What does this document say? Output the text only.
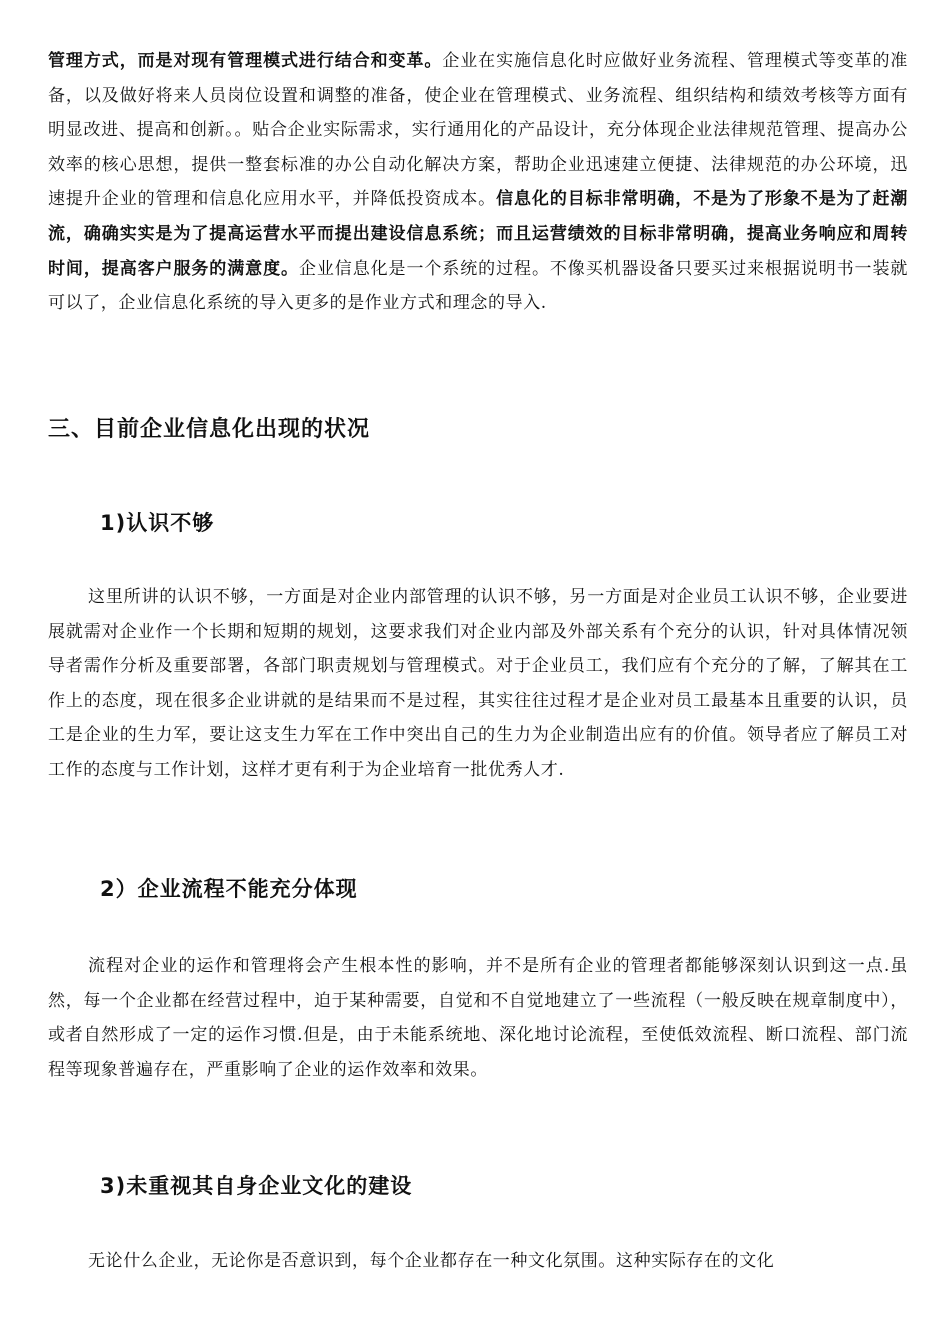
管理方式，而是对现有管理模式进行结合和变革。企业在实施信息化时应做好业务流程、管理模式等变革的准备，以及做好将来人员岗位设置和调整的准备，使企业在管理模式、业务流程、组织结构和绩效考核等方面有明显改进、提高和创新。。贴合企业实际需求，实行通用化的产品设计，充分体现企业法律规范管理、提高办公效率的核心思想，提供一整套标准的办公自动化解决方案，帮助企业迅速建立便捷、法律规范的办公环境，迅速提升企业的管理和信息化应用水平，并降低投资成本。信息化的目标非常明确，不是为了形象不是为了赶潮流，确确实实是为了提高运营水平而提出建设信息系统；而且运营绩效的目标非常明确，提高业务响应和周转时间，提高客户服务的满意度。企业信息化是一个系统的过程。不像买机器设备只要买过来根据说明书一装就可以了，企业信息化系统的导入更多的是作业方式和理念的导入.

三、目前企业信息化出现的状况
1)认识不够

这里所讲的认识不够，一方面是对企业内部管理的认识不够，另一方面是对企业员工认识不够，企业要进展就需对企业作一个长期和短期的规划，这要求我们对企业内部及外部关系有个充分的认识，针对具体情况领导者需作分析及重要部署，各部门职责规划与管理模式。对于企业员工，我们应有个充分的了解，了解其在工作上的态度，现在很多企业讲就的是结果而不是过程，其实往往过程才是企业对员工最基本且重要的认识，员工是企业的生力军，要让这支生力军在工作中突出自己的生力为企业制造出应有的价值。领导者应了解员工对工作的态度与工作计划，这样才更有利于为企业培育一批优秀人才.

2）企业流程不能充分体现

流程对企业的运作和管理将会产生根本性的影响，并不是所有企业的管理者都能够深刻认识到这一点.虽然，每一个企业都在经营过程中，迫于某种需要，自觉和不自觉地建立了一些流程（一般反映在规章制度中），或者自然形成了一定的运作习惯.但是，由于未能系统地、深化地讨论流程，至使低效流程、断口流程、部门流程等现象普遍存在，严重影响了企业的运作效率和效果。

3)未重视其自身企业文化的建设

无论什么企业，无论你是否意识到，每个企业都存在一种文化氛围。这种实际存在的文化
